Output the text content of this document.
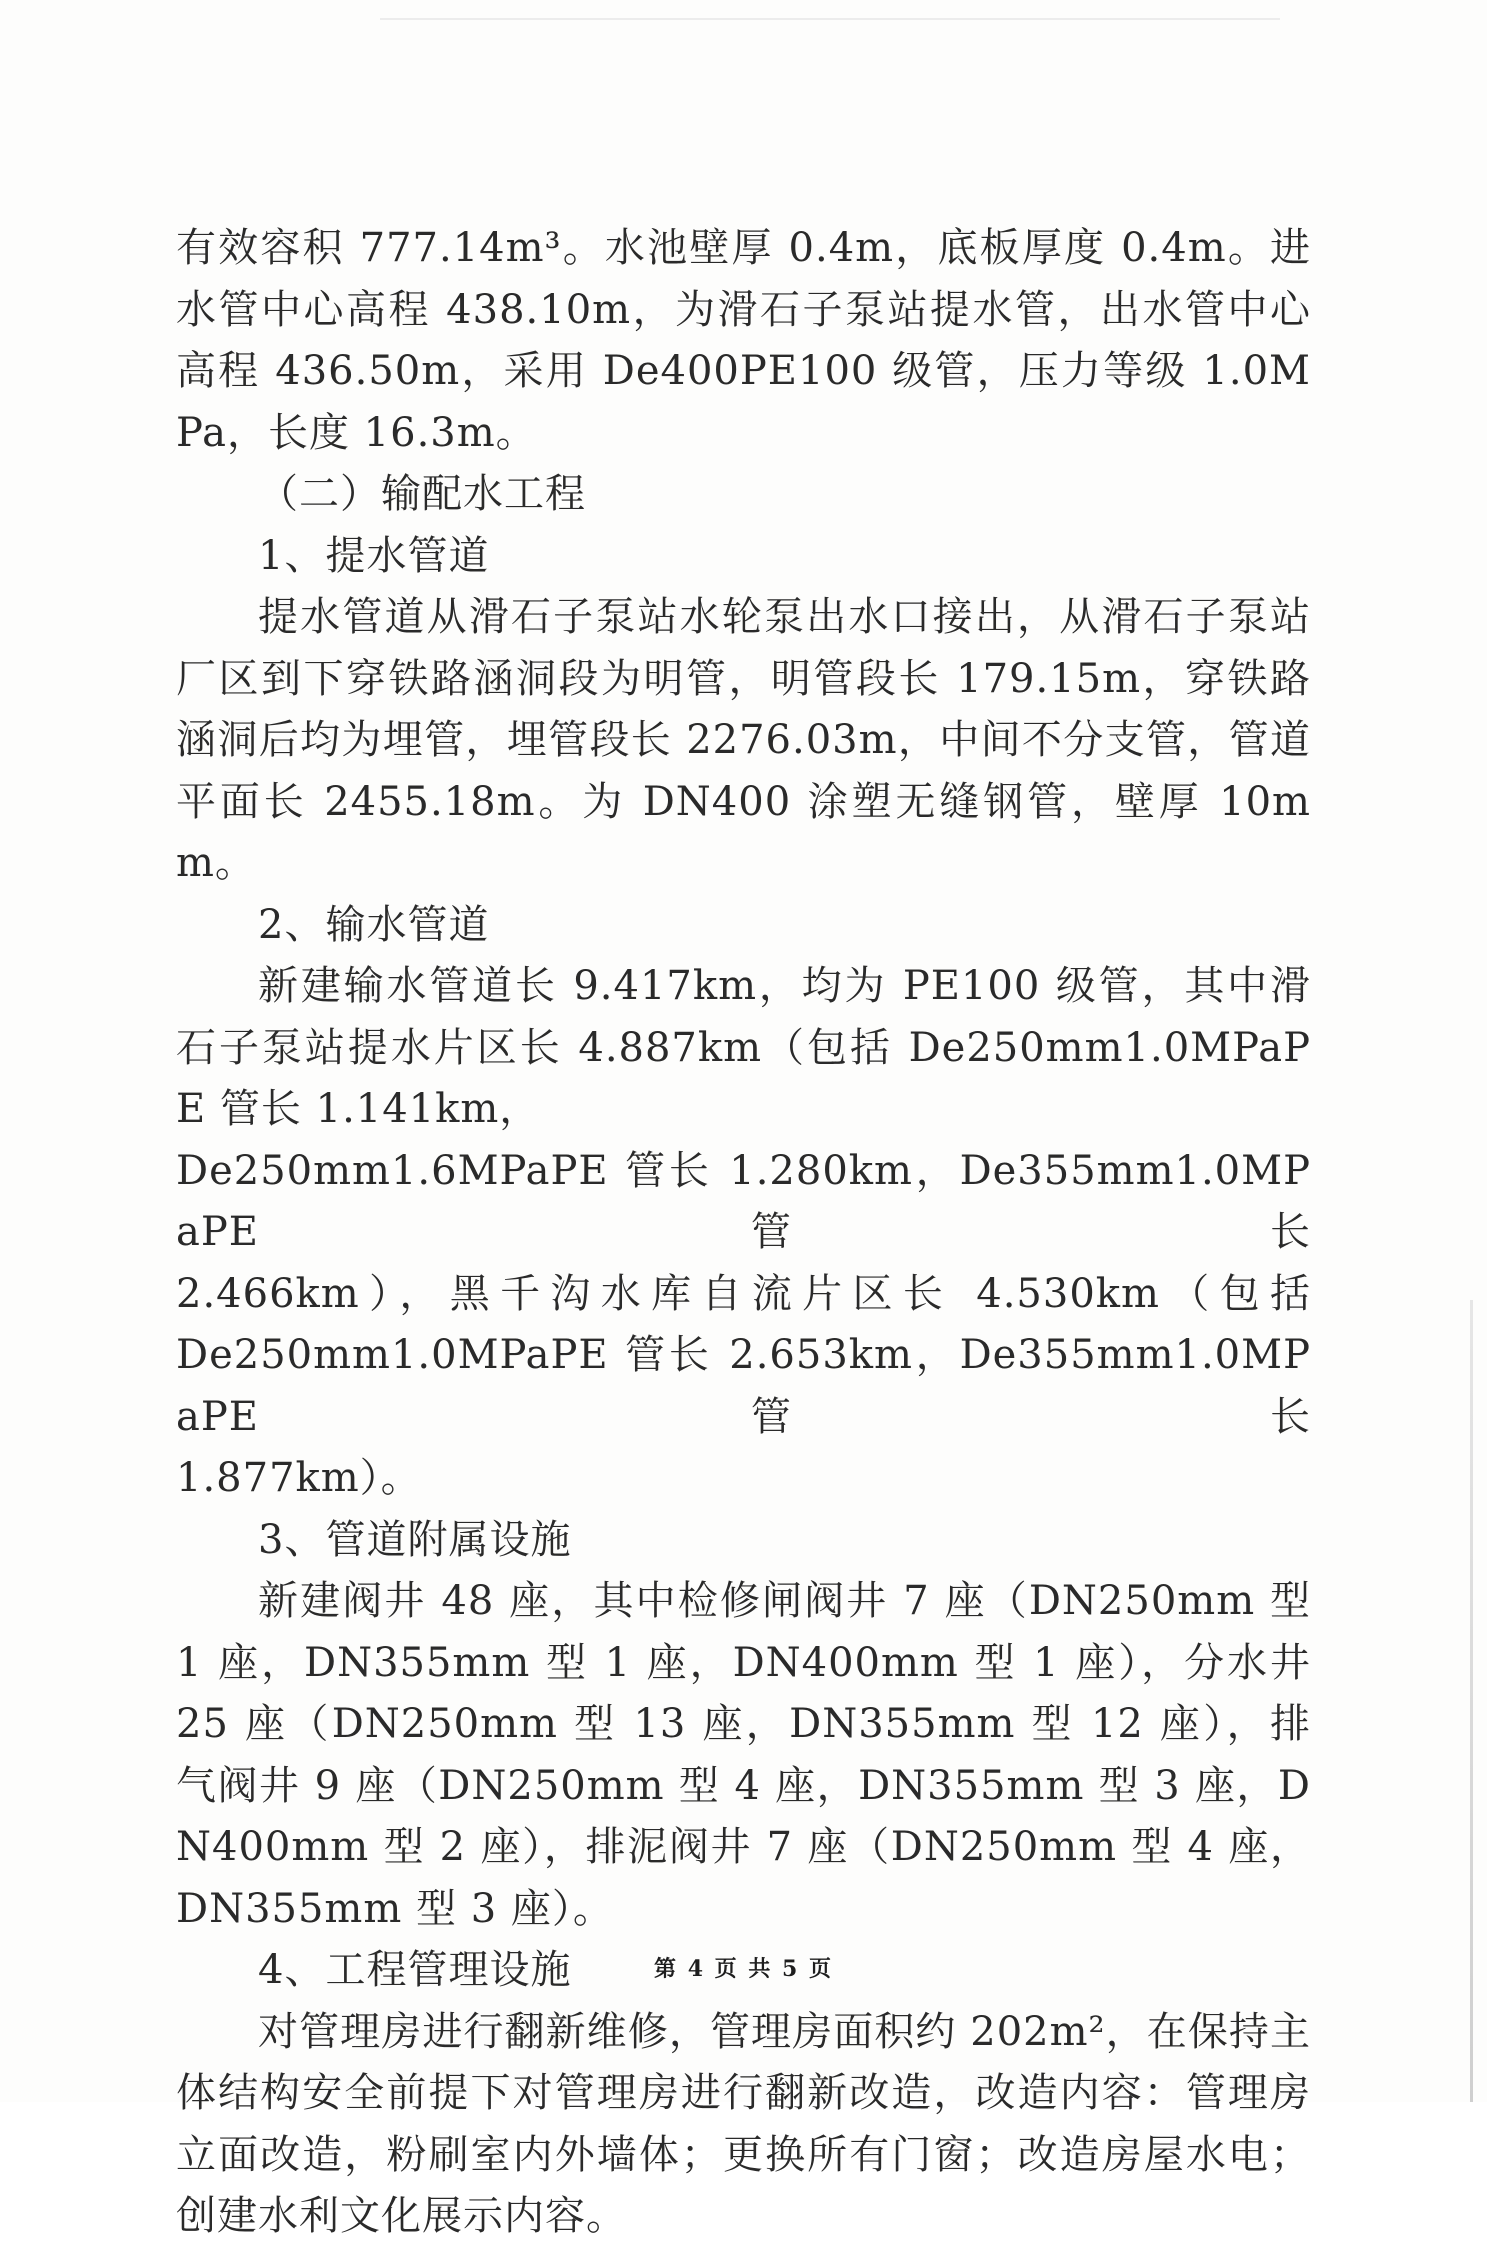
有效容积 777.14m³。水池壁厚 0.4m，底板厚度 0.4m。进水管中心高程 438.10m，为滑石子泵站提水管，出水管中心高程 436.50m，采用 De400PE100 级管，压力等级 1.0MPa，长度 16.3m。

（二）输配水工程

1、提水管道

提水管道从滑石子泵站水轮泵出水口接出，从滑石子泵站厂区到下穿铁路涵洞段为明管，明管段长 179.15m，穿铁路涵洞后均为埋管，埋管段长 2276.03m，中间不分支管，管道平面长 2455.18m。为 DN400 涂塑无缝钢管，壁厚 10mm。

2、输水管道

新建输水管道长 9.417km，均为 PE100 级管，其中滑石子泵站提水片区长 4.887km（包括 De250mm1.0MPaPE 管长 1.141km，

De250mm1.6MPaPE 管长 1.280km，De355mm1.0MPaPE 管长

2.466km），黑千沟水库自流片区长 4.530km（包括

De250mm1.0MPaPE 管长 2.653km，De355mm1.0MPaPE 管长

1.877km）。

3、管道附属设施

新建阀井 48 座，其中检修闸阀井 7 座（DN250mm 型 1 座，DN355mm 型 1 座，DN400mm 型 1 座），分水井 25 座（DN250mm 型 13 座，DN355mm 型 12 座），排气阀井 9 座（DN250mm 型 4 座，DN355mm 型 3 座，DN400mm 型 2 座），排泥阀井 7 座（DN250mm 型 4 座，DN355mm 型 3 座）。

4、工程管理设施

对管理房进行翻新维修，管理房面积约 202m²，在保持主体结构安全前提下对管理房进行翻新改造，改造内容：管理房立面改造，粉刷室内外墙体；更换所有门窗；改造房屋水电；创建水利文化展示内容。

第 4 页 共 5 页
